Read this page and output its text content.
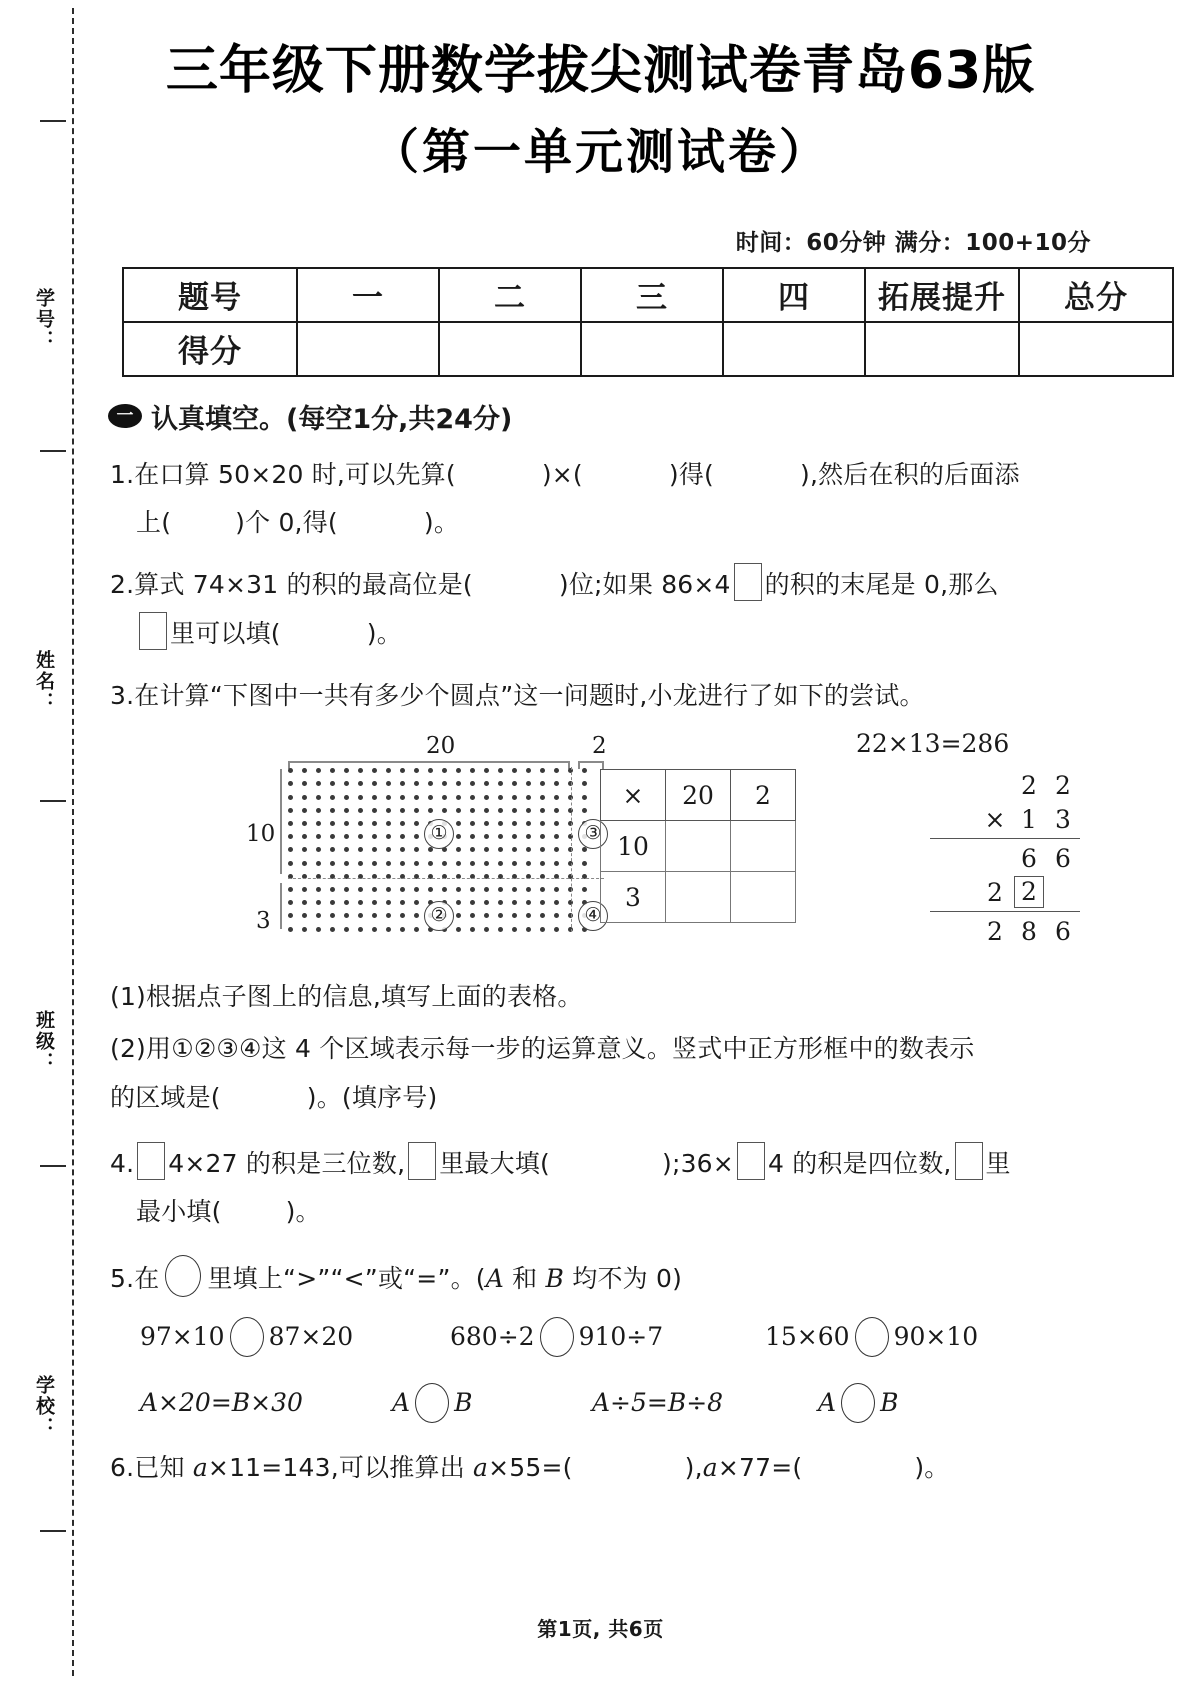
学号：
姓名：
班级：
学校：
三年级下册数学拔尖测试卷青岛63版
（第一单元测试卷）
时间：60分钟 满分：100+10分
题号	一	二	三	四	拓展提升	总分
得分						
一 认真填空。(每空1分,共24分)
1.在口算 50×20 时,可以先算(	)×(	)得(	),然后在积的后面添
上(	)个 0,得(	)。
2.算式 74×31 的积的最高位是(	)位;如果 86×4 的积的末尾是 0,那么
里可以填(	)。
3.在计算“下图中一共有多少个圆点”这一问题时,小龙进行了如下的尝试。
20	2
10
3
①
②
③
④
×	20	2
10		
3		
22×13=286
2 2
× 1 3
6 6
2 2
2 8 6
(1)根据点子图上的信息,填写上面的表格。
(2)用①②③④这 4 个区域表示每一步的运算意义。竖式中正方形框中的数表示
的区域是(	)。(填序号)
4. 4×27 的积是三位数, 里最大填(	);36× 4 的积是四位数, 里
最小填(	)。
5.在 里填上“>”“<”或“=”。(A 和 B 均不为 0)
97×10 87×20	680÷2 910÷7	15×60 90×10
A×20=B×30	A B	A÷5=B÷8	A B
6.已知 a×11=143,可以推算出 a×55=(	),a×77=(	)。
第1页, 共6页
